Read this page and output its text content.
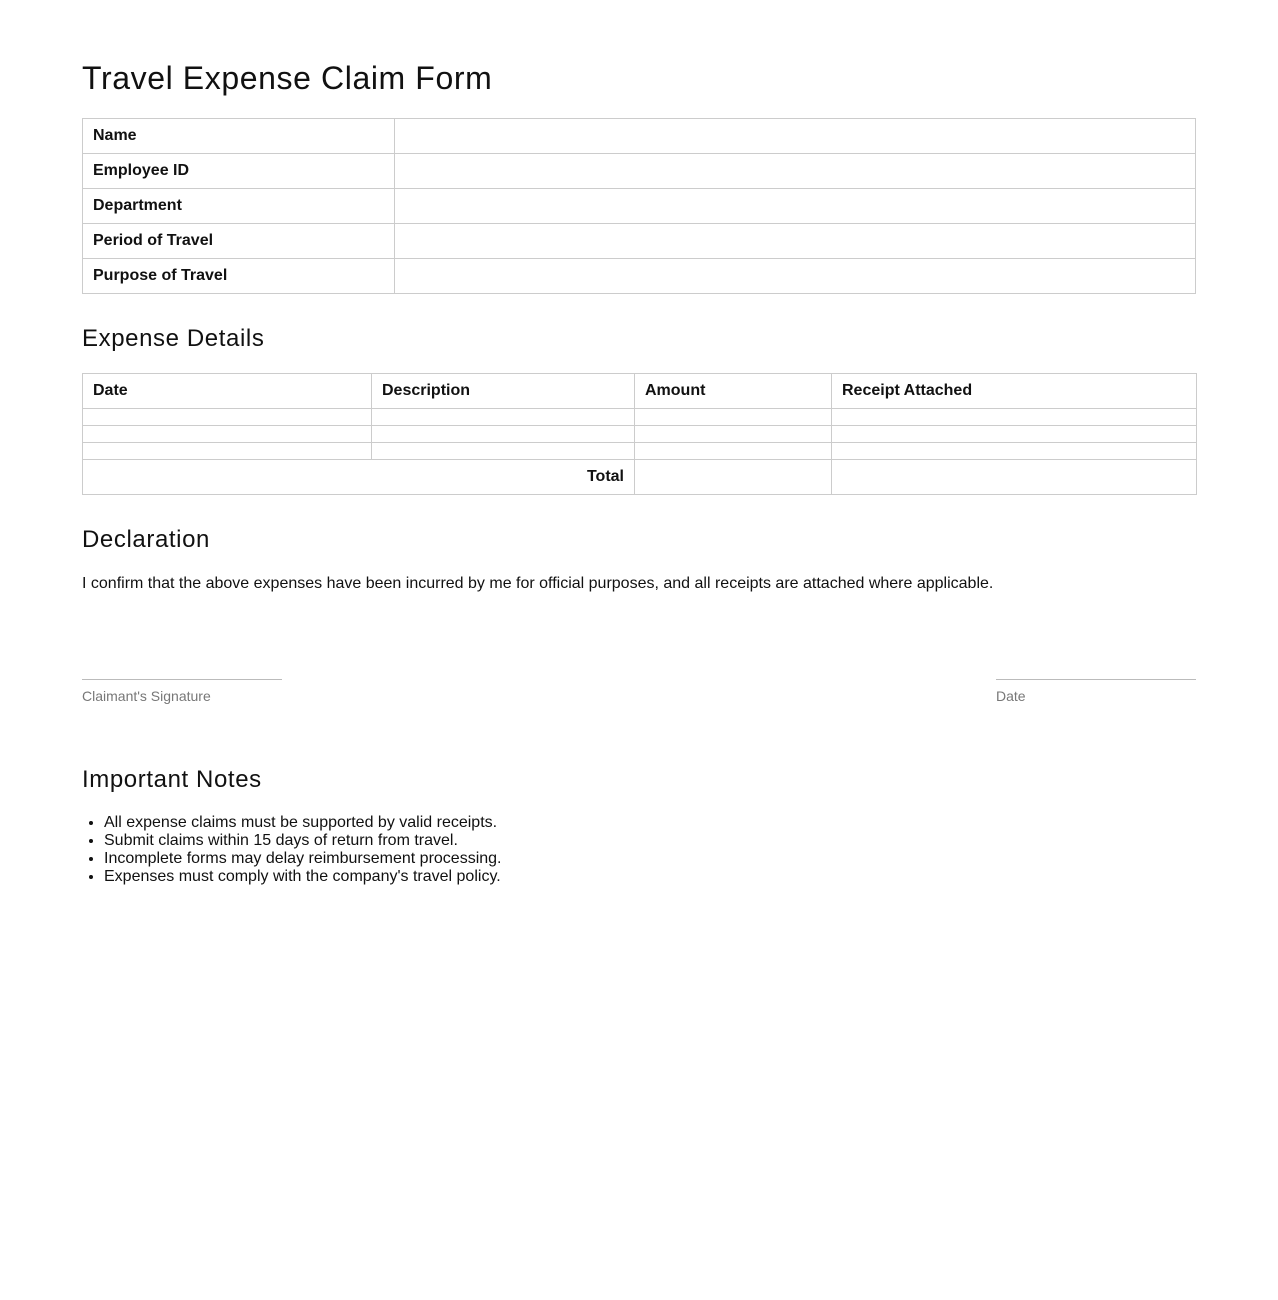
Travel Expense Claim Form
Name	
Employee ID	
Department	
Period of Travel	
Purpose of Travel	
Expense Details
Date	Description	Amount	Receipt Attached

Total			
Declaration

I confirm that the above expenses have been incurred by me for official purposes, and all receipts are attached where applicable.

Claimant's Signature	Date
Important Notes
• All expense claims must be supported by valid receipts.
• Submit claims within 15 days of return from travel.
• Incomplete forms may delay reimbursement processing.
• Expenses must comply with the company's travel policy.
